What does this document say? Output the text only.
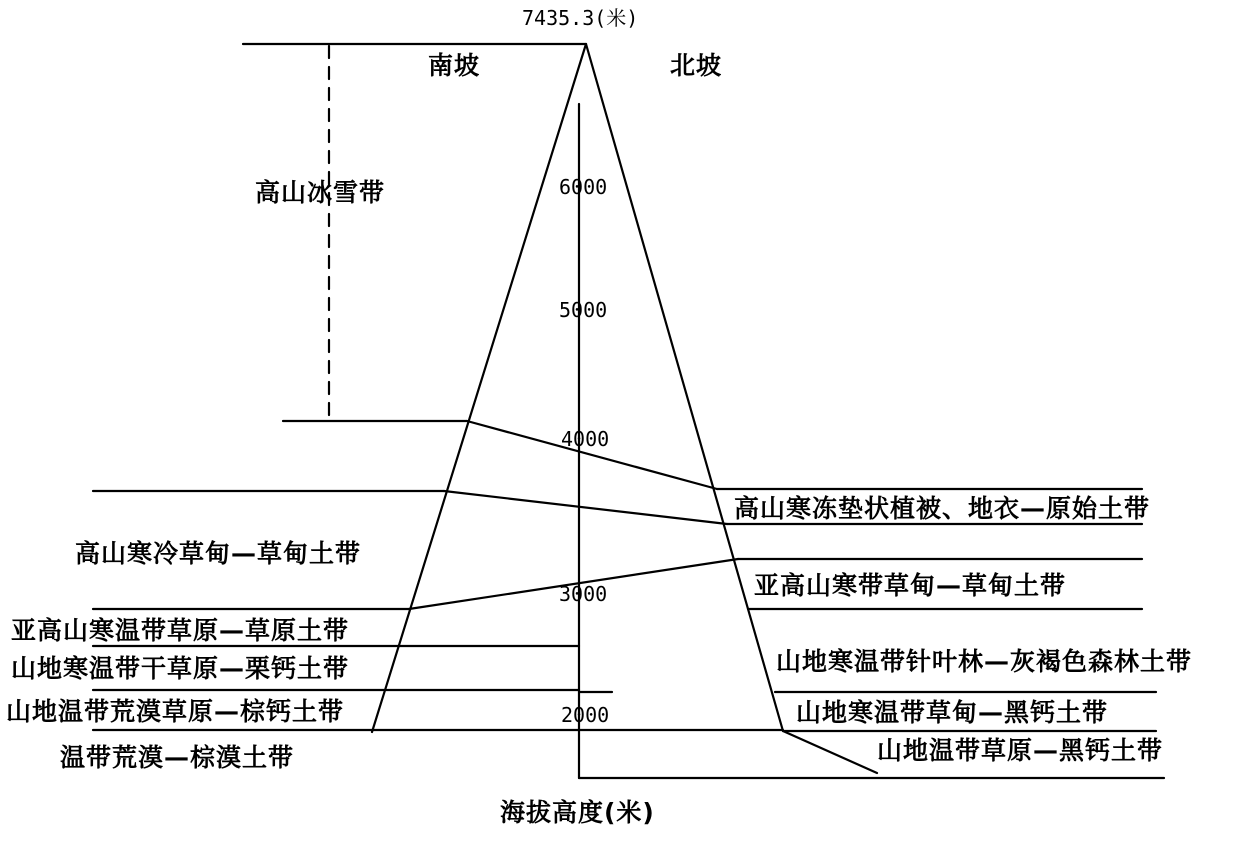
7435.3(米)
南坡	北坡
6000
5000
4000
3000
2000
高山冰雪带
高山寒冷草甸—草甸土带
亚高山寒温带草原—草原土带
山地寒温带干草原—栗钙土带
山地温带荒漠草原—棕钙土带
温带荒漠—棕漠土带
高山寒冻垫状植被、地衣—原始土带
亚高山寒带草甸—草甸土带
山地寒温带针叶林—灰褐色森林土带
山地寒温带草甸—黑钙土带
山地温带草原—黑钙土带
海拔高度(米)
